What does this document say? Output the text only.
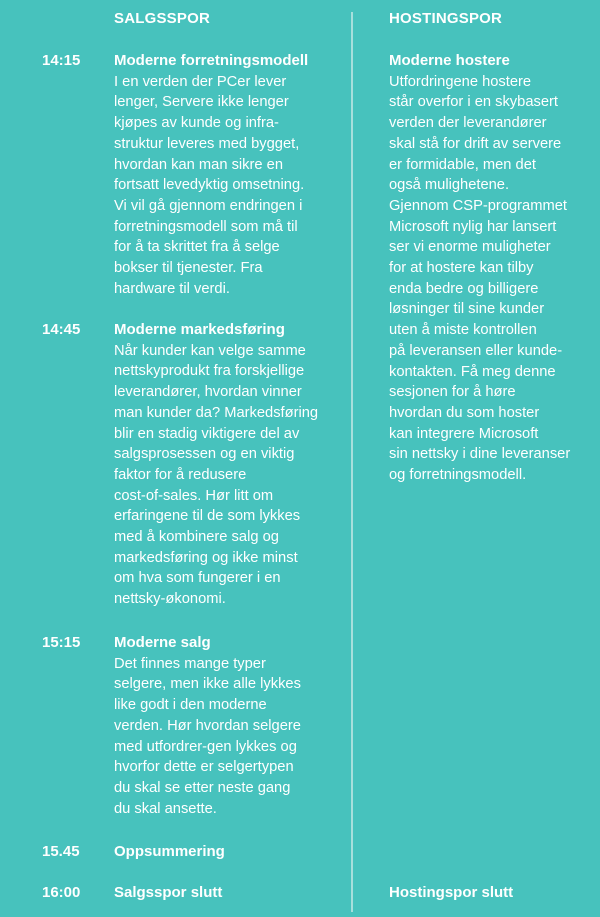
SALGSSPOR	HOSTINGSPOR
14:15 Moderne forretningsmodell
I en verden der PCer lever
lenger, Servere ikke lenger
kjøpes av kunde og infra-
struktur leveres med bygget,
hvordan kan man sikre en
fortsatt levedyktig omsetning.
Vi vil gå gjennom endringen i
forretningsmodell som må til
for å ta skrittet fra å selge
bokser til tjenester. Fra
hardware til verdi.
14:45 Moderne markedsføring
Når kunder kan velge samme
nettskyprodukt fra forskjellige
leverandører, hvordan vinner
man kunder da? Markedsføring
blir en stadig viktigere del av
salgsprosessen og en viktig
faktor for å redusere
cost-of-sales. Hør litt om
erfaringene til de som lykkes
med å kombinere salg og
markedsføring og ikke minst
om hva som fungerer i en
nettsky-økonomi.
15:15 Moderne salg
Det finnes mange typer
selgere, men ikke alle lykkes
like godt i den moderne
verden. Hør hvordan selgere
med utfordrer-gen lykkes og
hvorfor dette er selgertypen
du skal se etter neste gang
du skal ansette.
15.45 Oppsummering
16:00 Salgsspor slutt
Moderne hostere
Utfordringene hostere
står overfor i en skybasert
verden der leverandører
skal stå for drift av servere
er formidable, men det
også mulighetene.
Gjennom CSP-programmet
Microsoft nylig har lansert
ser vi enorme muligheter
for at hostere kan tilby
enda bedre og billigere
løsninger til sine kunder
uten å miste kontrollen
på leveransen eller kunde-
kontakten. Få meg denne
sesjonen for å høre
hvordan du som hoster
kan integrere Microsoft
sin nettsky i dine leveranser
og forretningsmodell.
Hostingspor slutt
